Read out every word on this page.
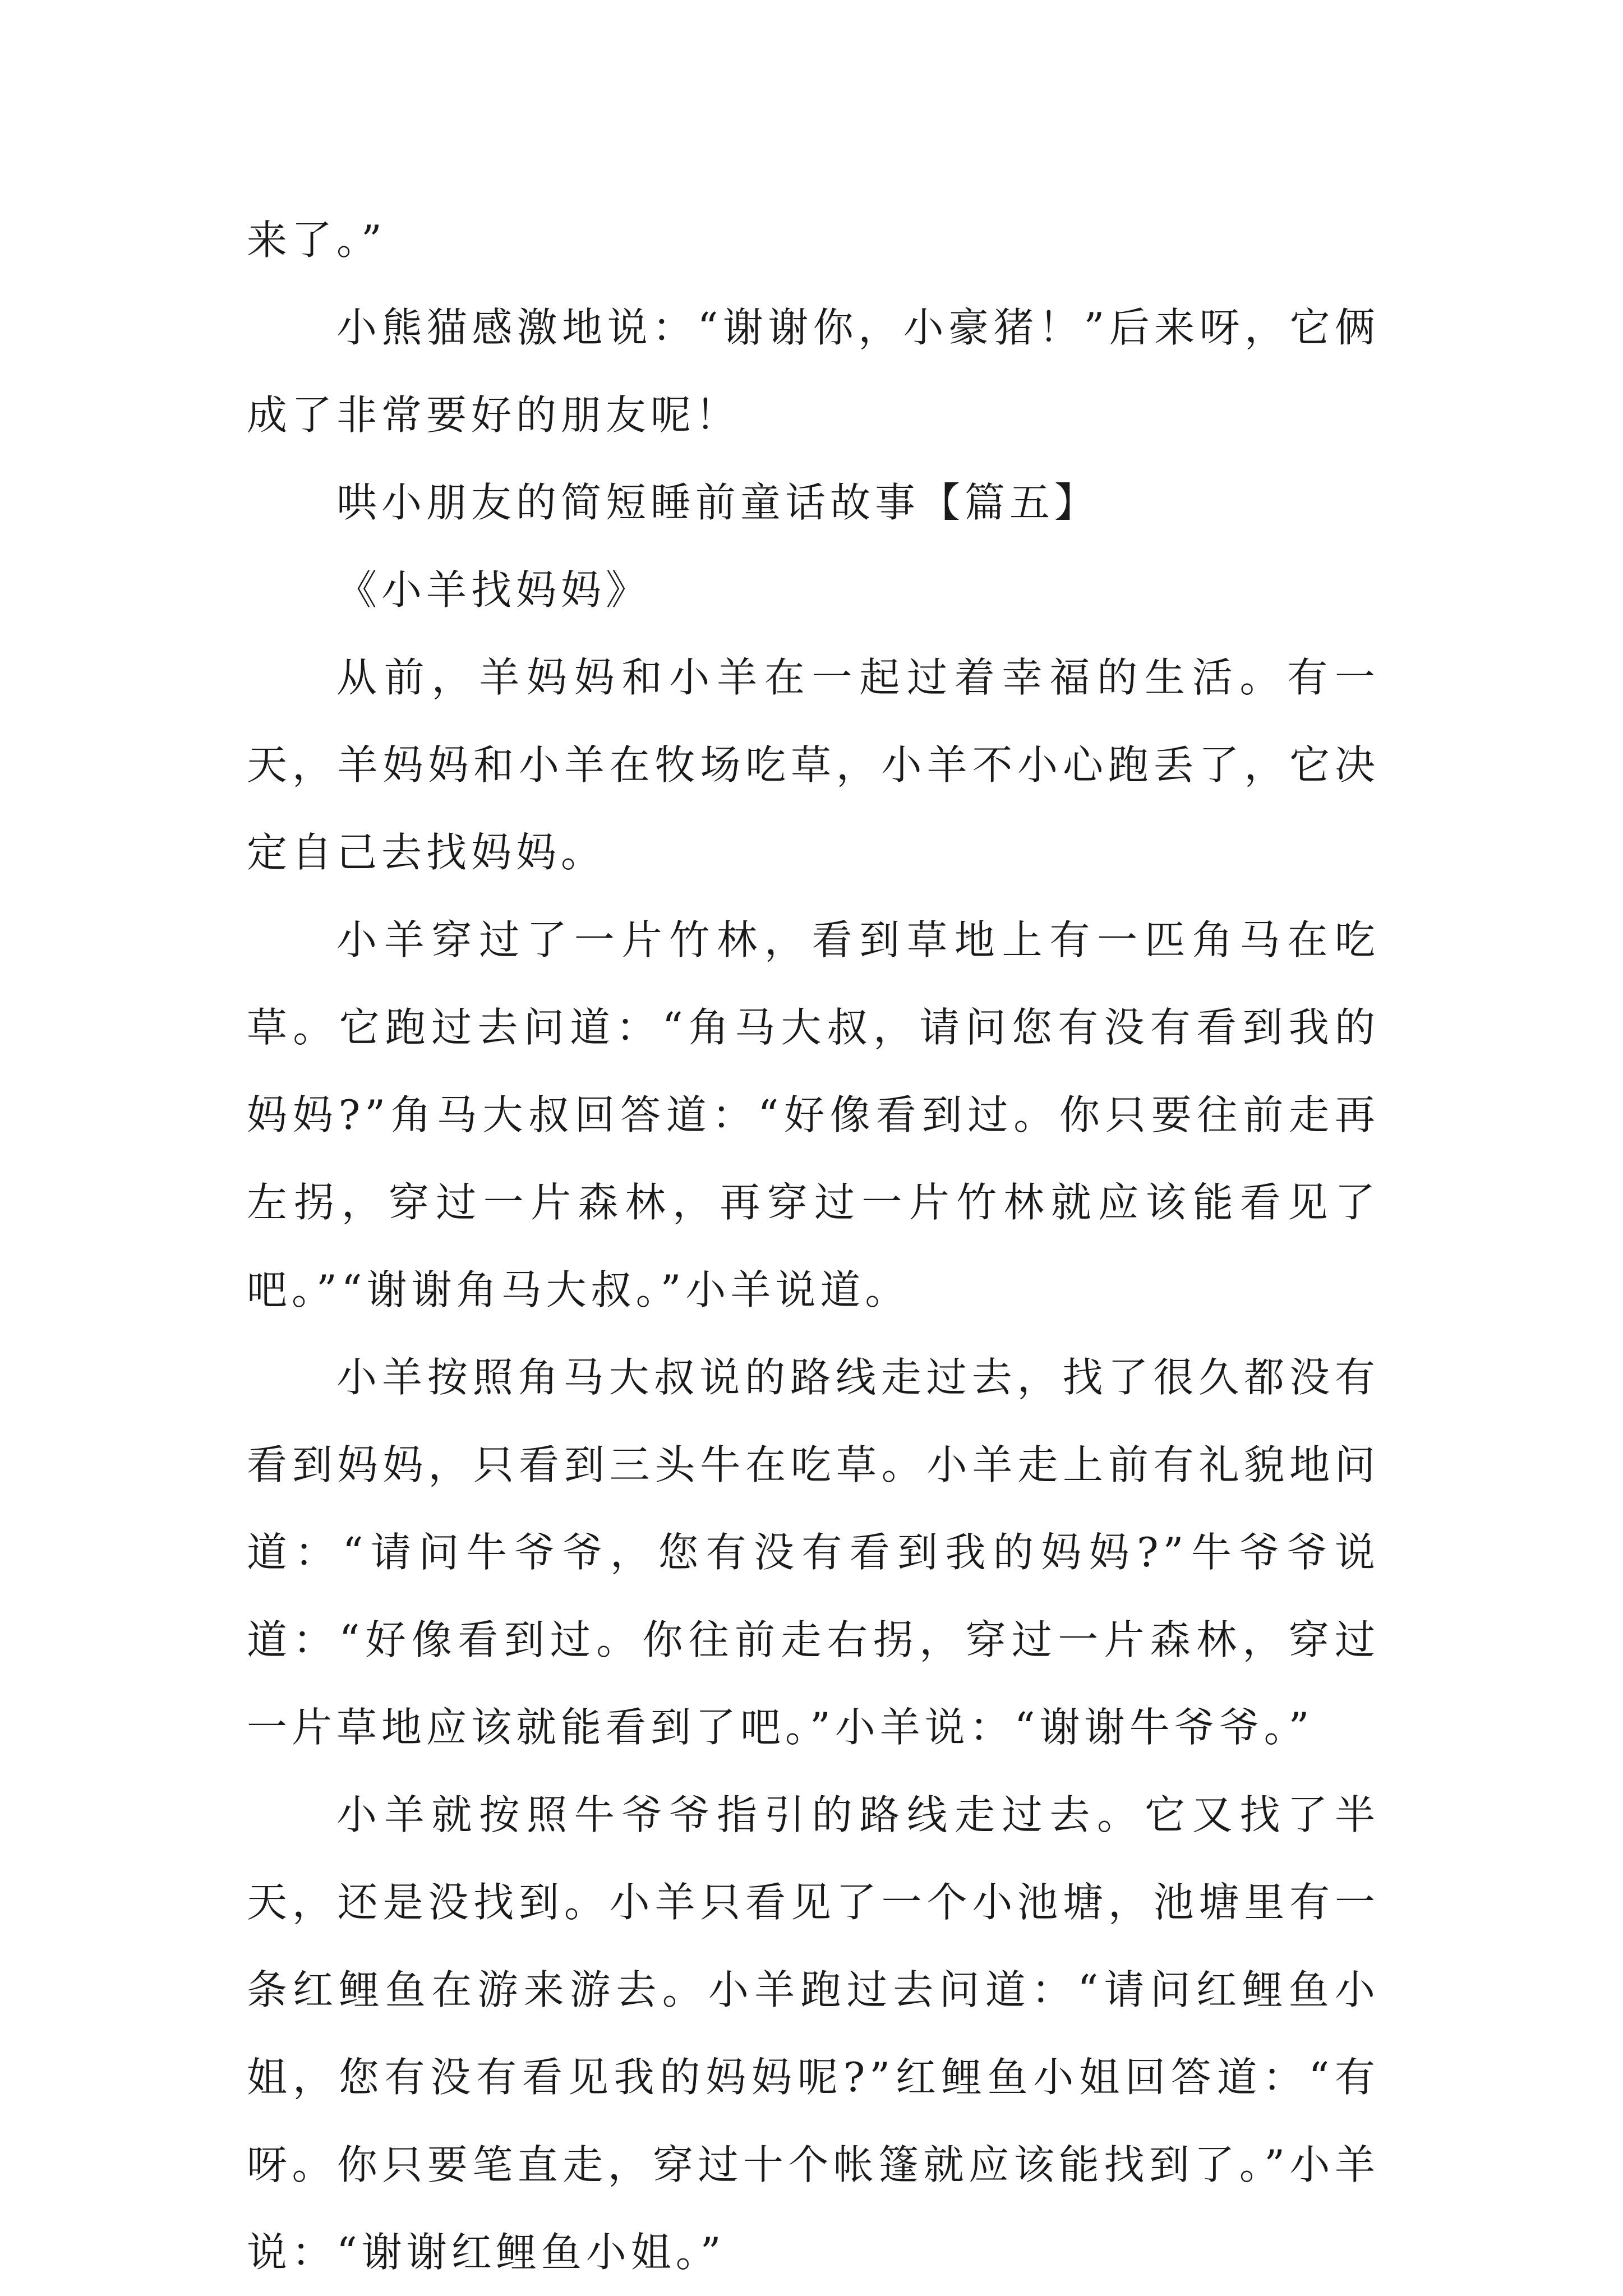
来了。”

小熊猫感激地说：“谢谢你，小豪猪！”后来呀，它俩成了非常要好的朋友呢！

哄小朋友的简短睡前童话故事【篇五】

《小羊找妈妈》

从前，羊妈妈和小羊在一起过着幸福的生活。有一天，羊妈妈和小羊在牧场吃草，小羊不小心跑丢了，它决定自己去找妈妈。

小羊穿过了一片竹林，看到草地上有一匹角马在吃草。它跑过去问道：“角马大叔，请问您有没有看到我的妈妈?”角马大叔回答道：“好像看到过。你只要往前走再左拐，穿过一片森林，再穿过一片竹林就应该能看见了吧。”“谢谢角马大叔。”小羊说道。

小羊按照角马大叔说的路线走过去，找了很久都没有看到妈妈，只看到三头牛在吃草。小羊走上前有礼貌地问道：“请问牛爷爷，您有没有看到我的妈妈?”牛爷爷说道：“好像看到过。你往前走右拐，穿过一片森林，穿过一片草地应该就能看到了吧。”小羊说：“谢谢牛爷爷。”

小羊就按照牛爷爷指引的路线走过去。它又找了半天，还是没找到。小羊只看见了一个小池塘，池塘里有一条红鲤鱼在游来游去。小羊跑过去问道：“请问红鲤鱼小姐，您有没有看见我的妈妈呢?”红鲤鱼小姐回答道：“有呀。你只要笔直走，穿过十个帐篷就应该能找到了。”小羊说：“谢谢红鲤鱼小姐。”
